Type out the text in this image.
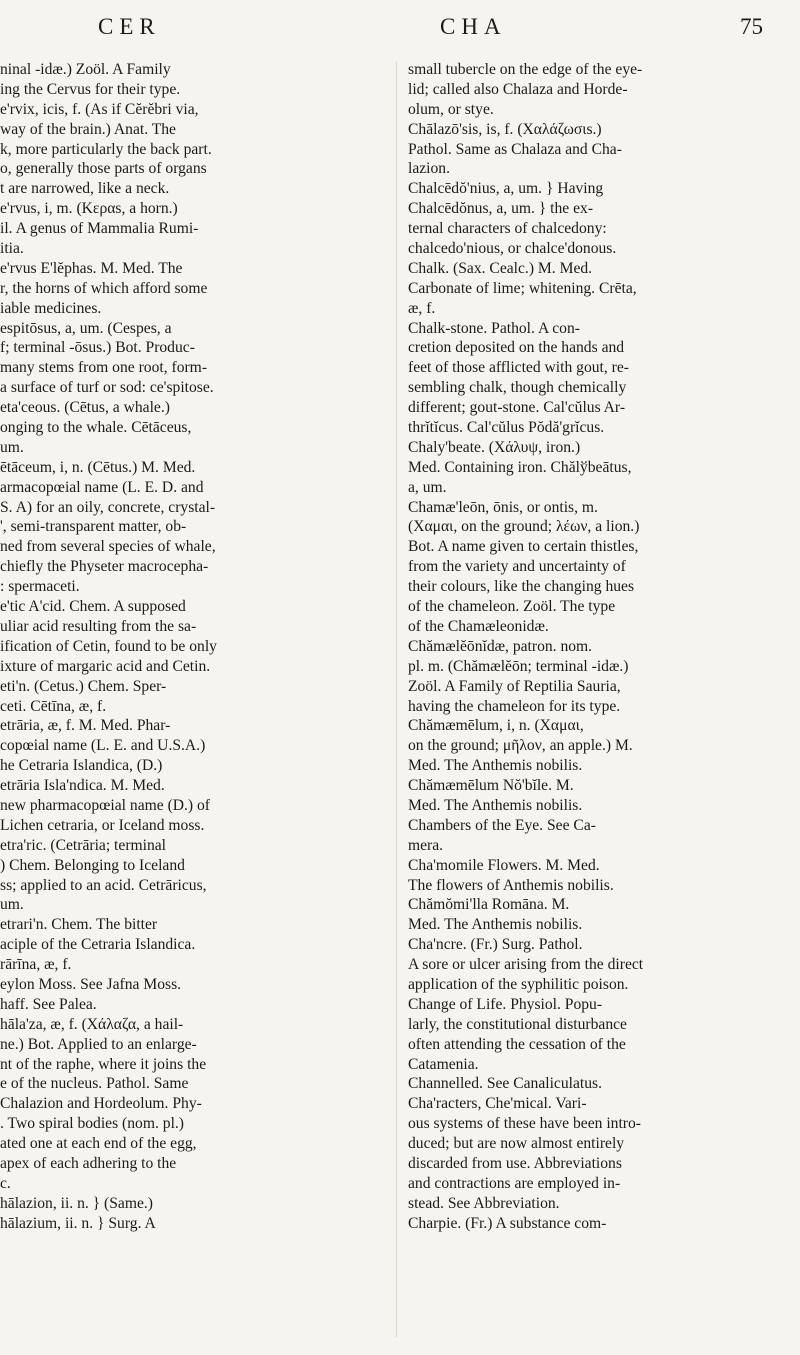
CER	CHA	75
ninal -idæ.) Zoöl. A Family
ing the Cervus for their type.
e'rvix, icis, f. (As if Cĕrĕbri via,
way of the brain.) Anat. The
k, more particularly the back part.
o, generally those parts of organs
t are narrowed, like a neck.
e'rvus, i, m. (Κεραs, a horn.)
il. A genus of Mammalia Rumi-
itia.
e'rvus E'lĕphas. M. Med. The
r, the horns of which afford some
iable medicines.
espitōsus, a, um. (Cespes, a
f; terminal -ōsus.) Bot. Produc-
many stems from one root, form-
a surface of turf or sod: ce'spitose.
eta'ceous. (Cētus, a whale.)
onging to the whale. Cētāceus,
um.
ētāceum, i, n. (Cētus.) M. Med.
armacopœial name (L. E. D. and
S. A) for an oily, concrete, crystal-
', semi-transparent matter, ob-
ned from several species of whale,
chiefly the Physeter macrocepha-
: spermaceti.
e'tic A'cid. Chem. A supposed
uliar acid resulting from the sa-
ification of Cetin, found to be only
ixture of margaric acid and Cetin.
eti'n. (Cetus.) Chem. Sper-
ceti. Cētīna, æ, f.
etrāria, æ, f. M. Med. Phar-
copœial name (L. E. and U.S.A.)
he Cetraria Islandica, (D.)
etrāria Isla'ndica. M. Med.
new pharmacopœial name (D.) of
Lichen cetraria, or Iceland moss.
etra'ric. (Cetrāria; terminal
) Chem. Belonging to Iceland
ss; applied to an acid. Cetrāricus,
um.
etrari'n. Chem. The bitter
aciple of the Cetraria Islandica.
rārīna, æ, f.
eylon Moss. See Jafna Moss.
haff. See Palea.
hāla'za, æ, f. (Χάλαζα, a hail-
ne.) Bot. Applied to an enlarge-
nt of the raphe, where it joins the
e of the nucleus. Pathol. Same
Chalazion and Hordeolum. Phy-
. Two spiral bodies (nom. pl.)
ated one at each end of the egg,
apex of each adhering to the
c.
hālazion, ii. n. } (Same.)
hālazium, ii. n. } Surg. A
small tubercle on the edge of the eye-
lid; called also Chalaza and Horde-
olum, or stye.
Chālazō'sis, is, f. (Χαλάζωσιs.)
Pathol. Same as Chalaza and Cha-
lazion.
Chalcēdŏ'nius, a, um. } Having
Chalcēdŏnus, a, um. } the ex-
ternal characters of chalcedony:
chalcedo'nious, or chalce'donous.
Chalk. (Sax. Cealc.) M. Med.
Carbonate of lime; whitening. Crēta,
æ, f.
Chalk-stone. Pathol. A con-
cretion deposited on the hands and
feet of those afflicted with gout, re-
sembling chalk, though chemically
different; gout-stone. Cal'cŭlus Ar-
thrĭtĭcus. Cal'cŭlus Pŏdă'grĭcus.
Chaly'beate. (Χάλυψ, iron.)
Med. Containing iron. Chălўbeātus,
a, um.
Chamæ'leōn, ōnis, or ontis, m.
(Χαμαι, on the ground; λέων, a lion.)
Bot. A name given to certain thistles,
from the variety and uncertainty of
their colours, like the changing hues
of the chameleon. Zoöl. The type
of the Chamæleonidæ.
Chămælĕōnĭdæ, patron. nom.
pl. m. (Chămælĕōn; terminal -idæ.)
Zoöl. A Family of Reptilia Sauria,
having the chameleon for its type.
Chămæmēlum, i, n. (Χαμαι,
on the ground; μῆλον, an apple.) M.
Med. The Anthemis nobilis.
Chămæmēlum Nŏ'bĭle. M.
Med. The Anthemis nobilis.
Chambers of the Eye. See Ca-
mera.
Cha'momile Flowers. M. Med.
The flowers of Anthemis nobilis.
Chămŏmi'lla Romāna. M.
Med. The Anthemis nobilis.
Cha'ncre. (Fr.) Surg. Pathol.
A sore or ulcer arising from the direct
application of the syphilitic poison.
Change of Life. Physiol. Popu-
larly, the constitutional disturbance
often attending the cessation of the
Catamenia.
Channelled. See Canaliculatus.
Cha'racters, Che'mical. Vari-
ous systems of these have been intro-
duced; but are now almost entirely
discarded from use. Abbreviations
and contractions are employed in-
stead. See Abbreviation.
Charpie. (Fr.) A substance com-
